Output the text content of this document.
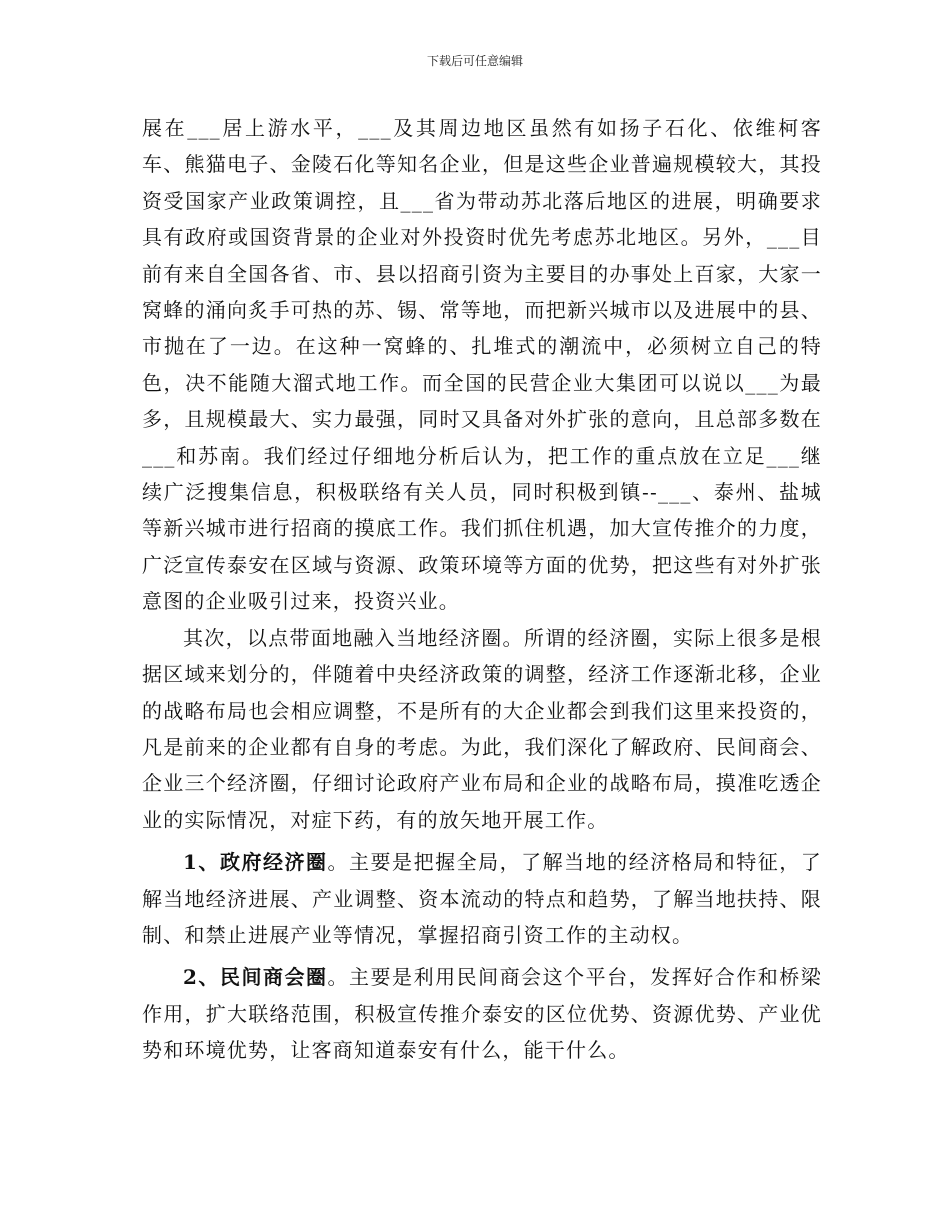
下载后可任意编辑

展在___居上游水平，___及其周边地区虽然有如扬子石化、依维柯客车、熊猫电子、金陵石化等知名企业，但是这些企业普遍规模较大，其投资受国家产业政策调控，且___省为带动苏北落后地区的进展，明确要求具有政府或国资背景的企业对外投资时优先考虑苏北地区。另外，___目前有来自全国各省、市、县以招商引资为主要目的办事处上百家，大家一窝蜂的涌向炙手可热的苏、锡、常等地，而把新兴城市以及进展中的县、市抛在了一边。在这种一窝蜂的、扎堆式的潮流中，必须树立自己的特色，决不能随大溜式地工作。而全国的民营企业大集团可以说以___为最多，且规模最大、实力最强，同时又具备对外扩张的意向，且总部多数在___和苏南。我们经过仔细地分析后认为，把工作的重点放在立足___继续广泛搜集信息，积极联络有关人员，同时积极到镇--___、泰州、盐城等新兴城市进行招商的摸底工作。我们抓住机遇，加大宣传推介的力度，广泛宣传泰安在区域与资源、政策环境等方面的优势，把这些有对外扩张意图的企业吸引过来，投资兴业。

其次，以点带面地融入当地经济圈。所谓的经济圈，实际上很多是根据区域来划分的，伴随着中央经济政策的调整，经济工作逐渐北移，企业的战略布局也会相应调整，不是所有的大企业都会到我们这里来投资的，凡是前来的企业都有自身的考虑。为此，我们深化了解政府、民间商会、企业三个经济圈，仔细讨论政府产业布局和企业的战略布局，摸准吃透企业的实际情况，对症下药，有的放矢地开展工作。

1、政府经济圈。主要是把握全局，了解当地的经济格局和特征，了解当地经济进展、产业调整、资本流动的特点和趋势，了解当地扶持、限制、和禁止进展产业等情况，掌握招商引资工作的主动权。

2、民间商会圈。主要是利用民间商会这个平台，发挥好合作和桥梁作用，扩大联络范围，积极宣传推介泰安的区位优势、资源优势、产业优势和环境优势，让客商知道泰安有什么，能干什么。
